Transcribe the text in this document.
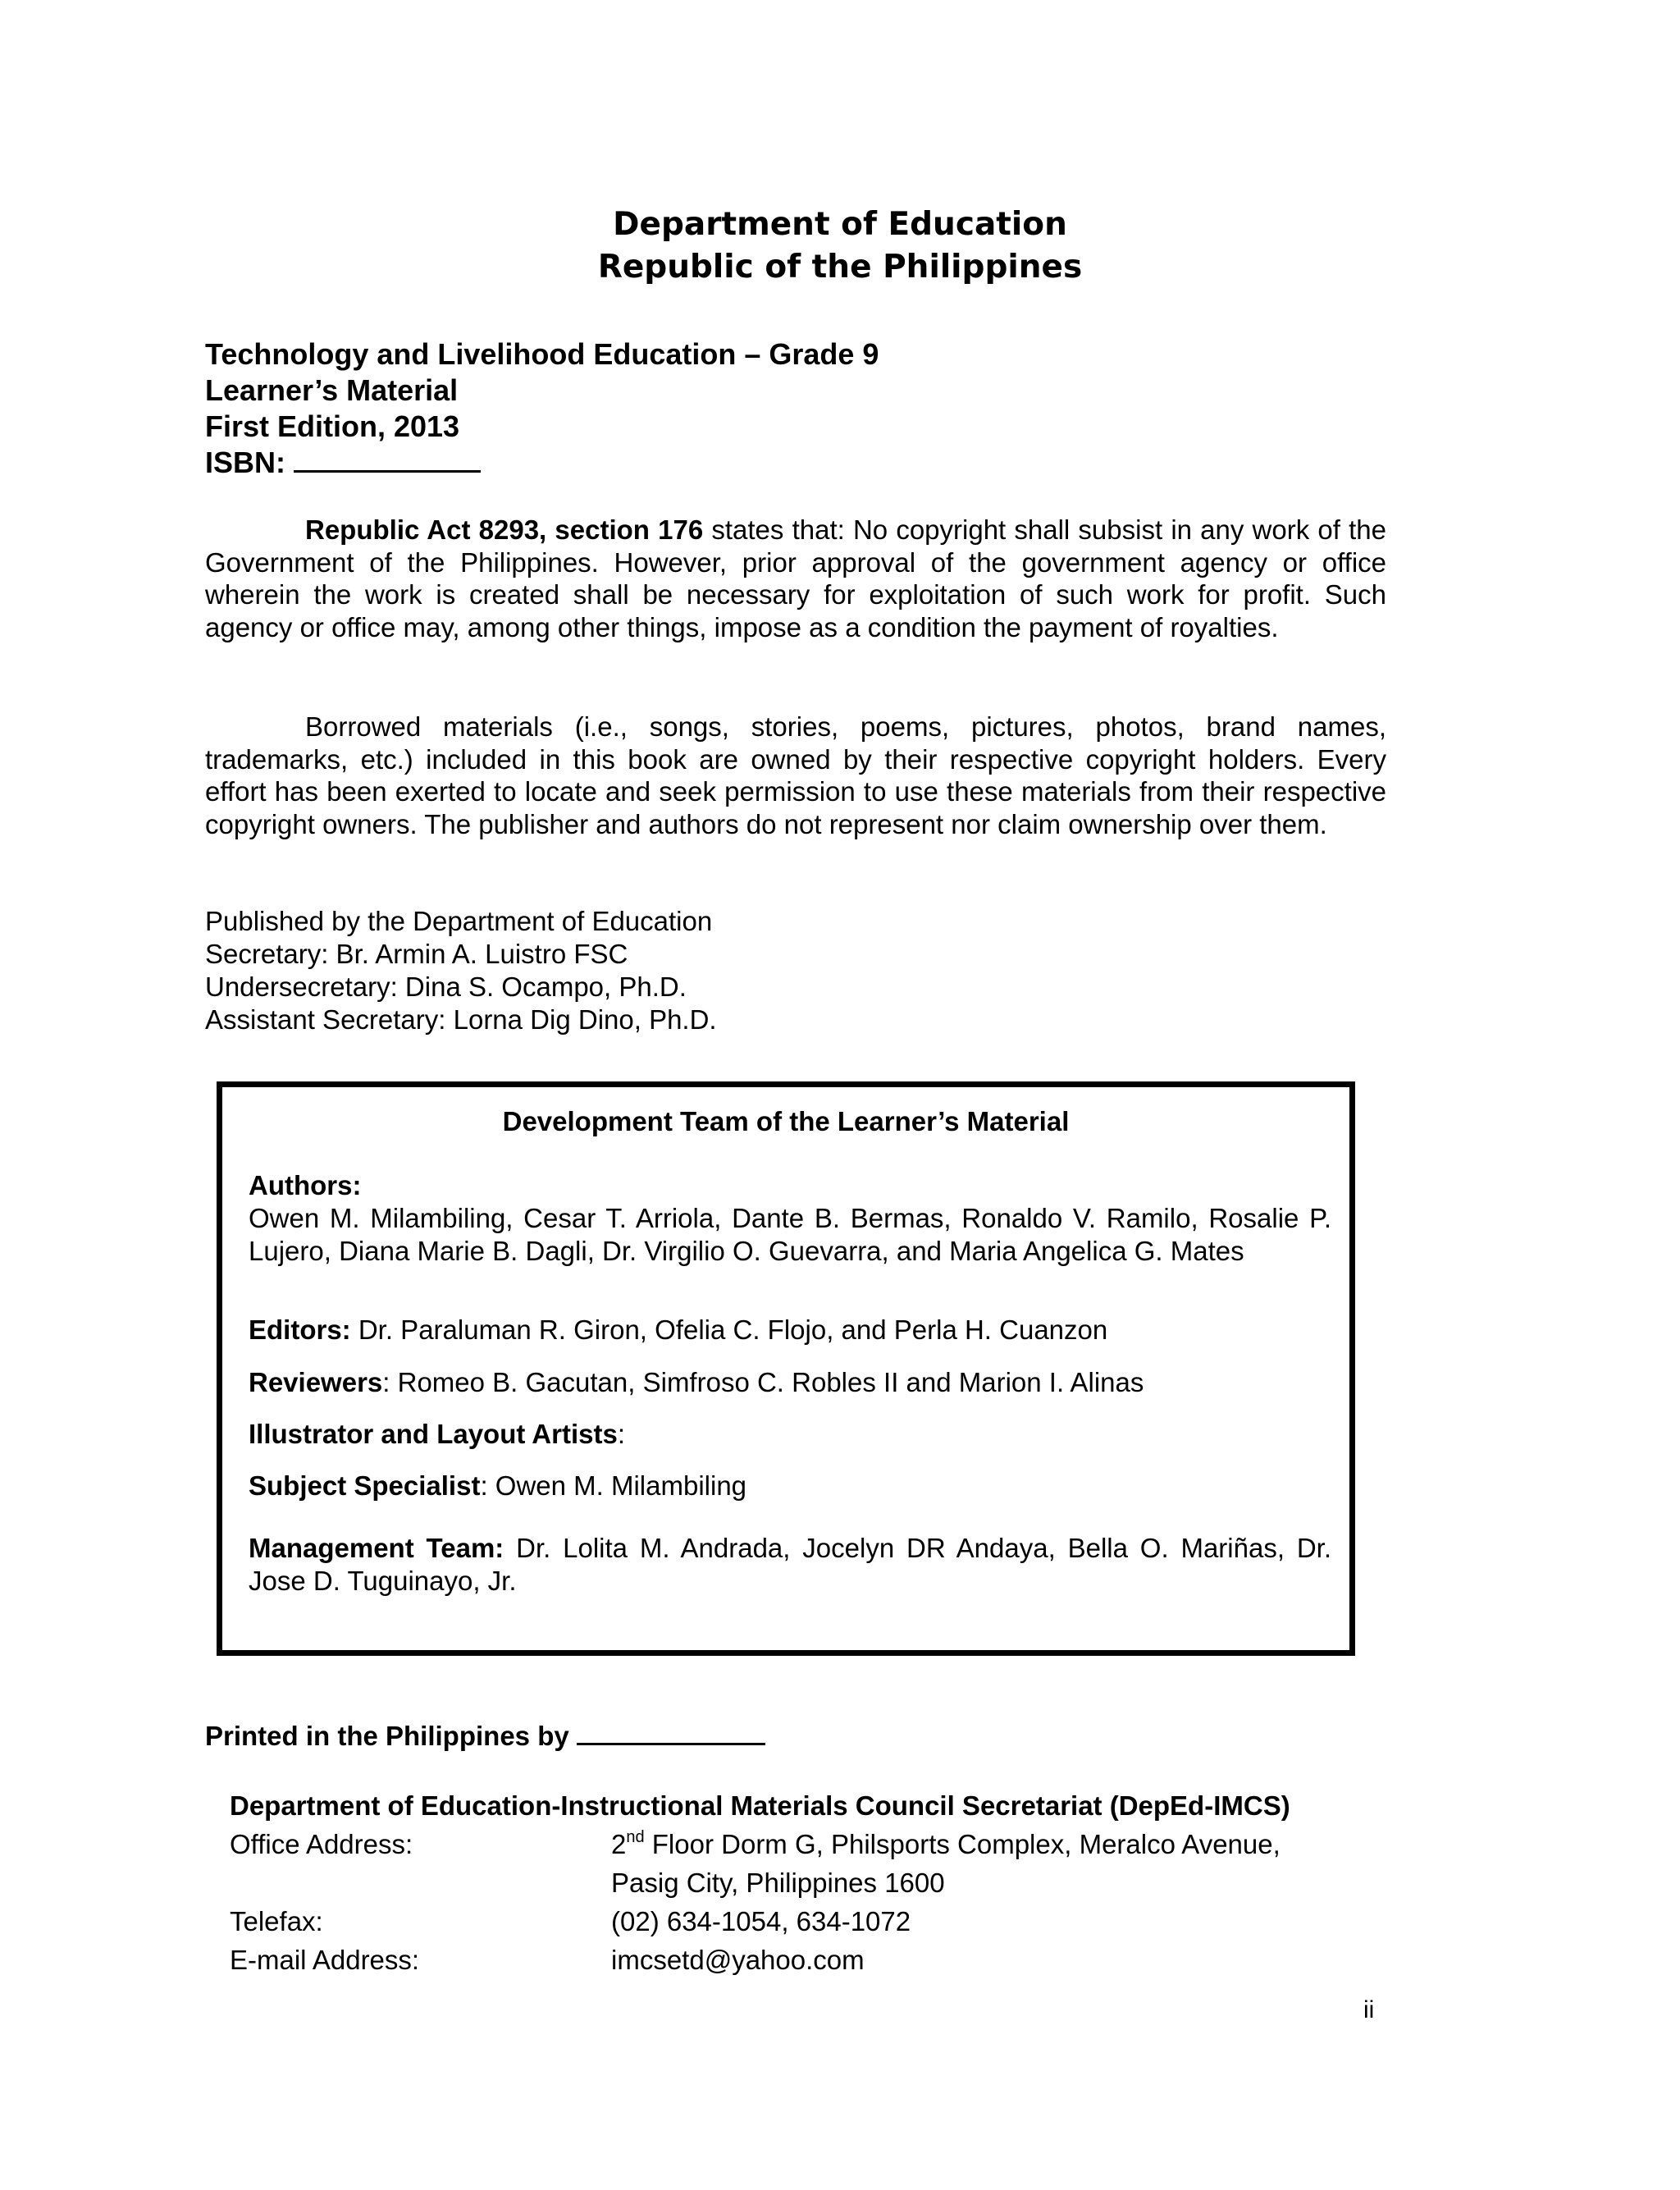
Department of Education
Republic of the Philippines
Technology and Livelihood Education – Grade 9
Learner’s Material
First Edition, 2013
ISBN:
Republic Act 8293, section 176 states that: No copyright shall subsist in any work of the Government of the Philippines. However, prior approval of the government agency or office wherein the work is created shall be necessary for exploitation of such work for profit. Such agency or office may, among other things, impose as a condition the payment of royalties.
Borrowed materials (i.e., songs, stories, poems, pictures, photos, brand names, trademarks, etc.) included in this book are owned by their respective copyright holders. Every effort has been exerted to locate and seek permission to use these materials from their respective copyright owners. The publisher and authors do not represent nor claim ownership over them.
Published by the Department of Education
Secretary: Br. Armin A. Luistro FSC
Undersecretary: Dina S. Ocampo, Ph.D.
Assistant Secretary: Lorna Dig Dino, Ph.D.
Development Team of the Learner’s Material
Authors:
Owen M. Milambiling, Cesar T. Arriola, Dante B. Bermas, Ronaldo V. Ramilo, Rosalie P. Lujero, Diana Marie B. Dagli, Dr. Virgilio O. Guevarra, and Maria Angelica G. Mates
Editors: Dr. Paraluman R. Giron, Ofelia C. Flojo, and Perla H. Cuanzon
Reviewers: Romeo B. Gacutan, Simfroso C. Robles II and Marion I. Alinas
Illustrator and Layout Artists:
Subject Specialist: Owen M. Milambiling
Management Team: Dr. Lolita M. Andrada, Jocelyn DR Andaya, Bella O. Mariñas, Dr. Jose D. Tuguinayo, Jr.
Printed in the Philippines by
Department of Education-Instructional Materials Council Secretariat (DepEd-IMCS)
Office Address:	2nd Floor Dorm G, Philsports Complex, Meralco Avenue,
Pasig City, Philippines 1600
Telefax:	(02) 634-1054, 634-1072
E-mail Address:	imcsetd@yahoo.com
ii
